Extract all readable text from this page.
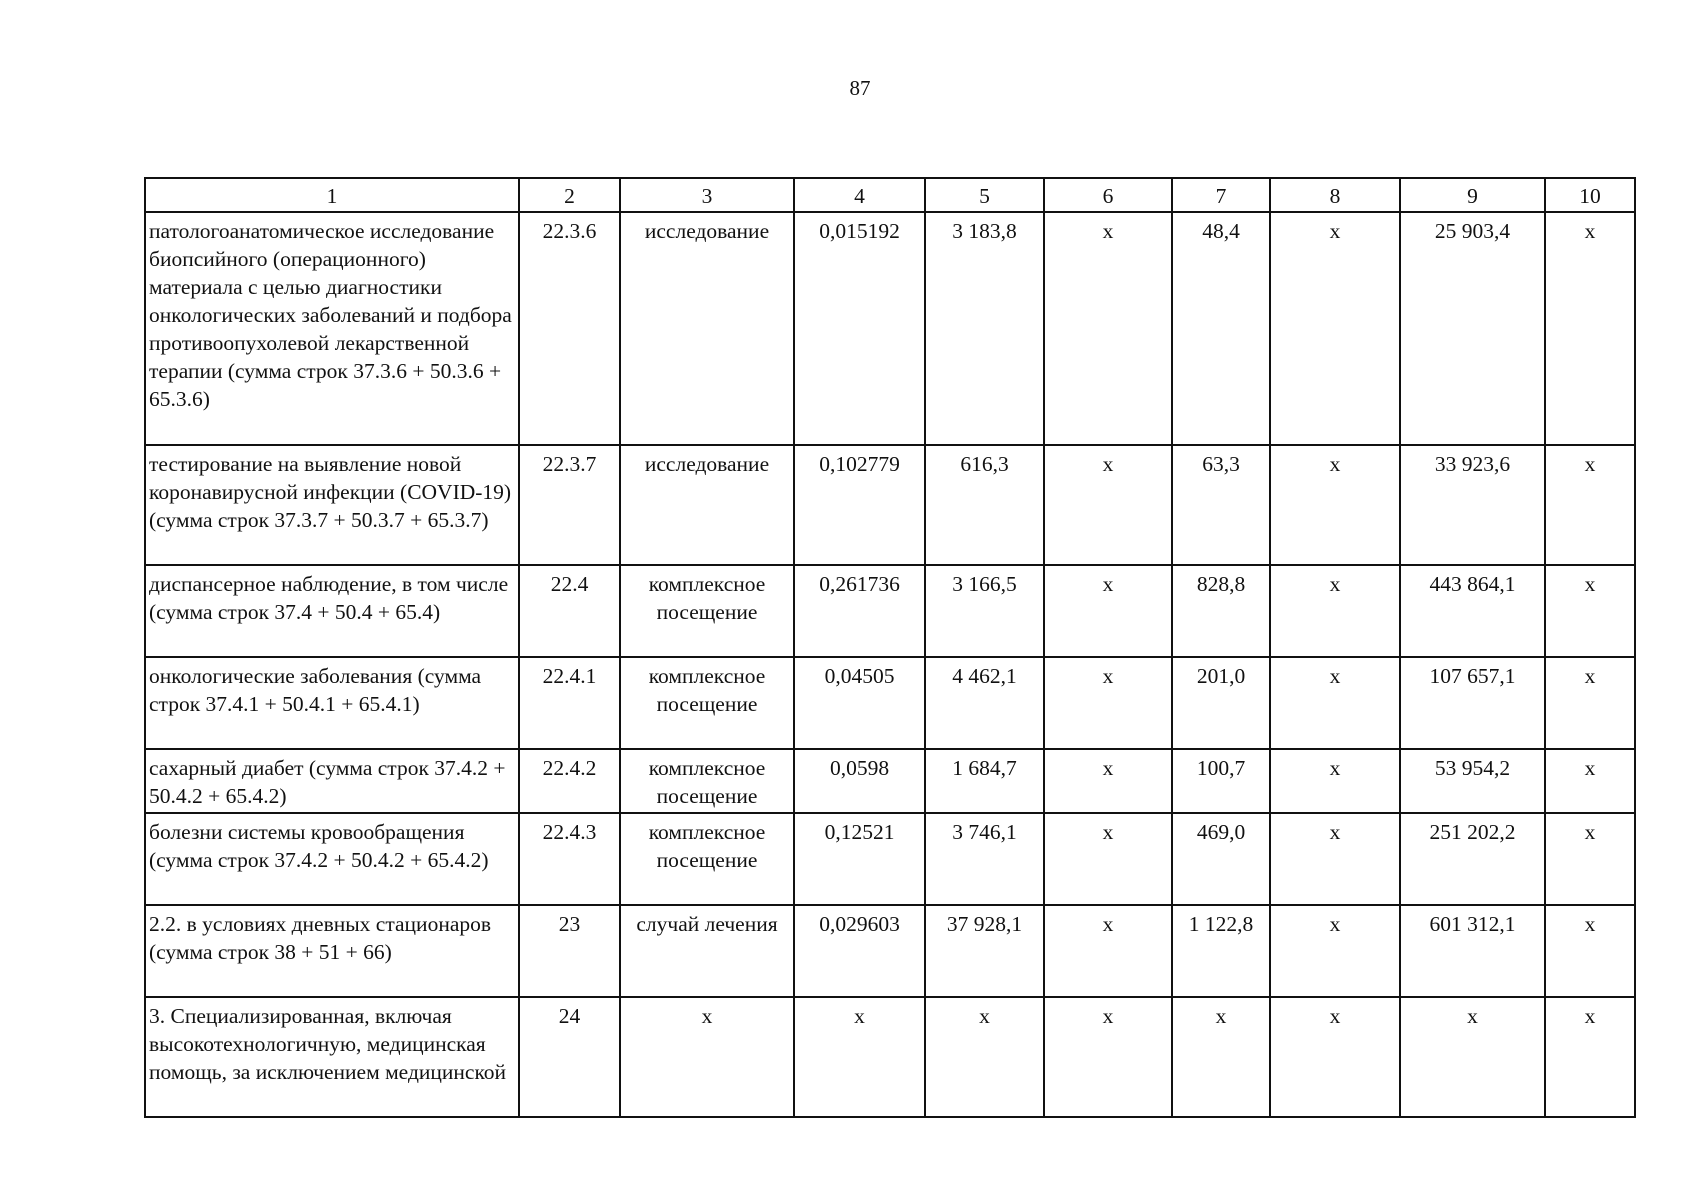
87
1	2	3	4	5	6	7	8	9	10
патологоанатомическое исследование биопсийного (операционного) материала с целью диагностики онкологических заболеваний и подбора противоопухолевой лекарственной терапии (сумма строк 37.3.6 + 50.3.6 + 65.3.6)	22.3.6	исследование	0,015192	3 183,8	х	48,4	х	25 903,4	х
тестирование на выявление новой коронавирусной инфекции (COVID-19) (сумма строк 37.3.7 + 50.3.7 + 65.3.7)	22.3.7	исследование	0,102779	616,3	х	63,3	х	33 923,6	х
диспансерное наблюдение, в том числе (сумма строк 37.4 + 50.4 + 65.4)	22.4	комплексное посещение	0,261736	3 166,5	х	828,8	х	443 864,1	х
онкологические заболевания (сумма строк 37.4.1 + 50.4.1 + 65.4.1)	22.4.1	комплексное посещение	0,04505	4 462,1	х	201,0	х	107 657,1	х
сахарный диабет (сумма строк 37.4.2 + 50.4.2 + 65.4.2)	22.4.2	комплексное посещение	0,0598	1 684,7	х	100,7	х	53 954,2	х
болезни системы кровообращения (сумма строк 37.4.2 + 50.4.2 + 65.4.2)	22.4.3	комплексное посещение	0,12521	3 746,1	х	469,0	х	251 202,2	х
2.2. в условиях дневных стационаров (сумма строк 38 + 51 + 66)	23	случай лечения	0,029603	37 928,1	х	1 122,8	х	601 312,1	х
3. Специализированная, включая высокотехнологичную, медицинская помощь, за исключением медицинской	24	х	х	х	х	х	х	х	х
